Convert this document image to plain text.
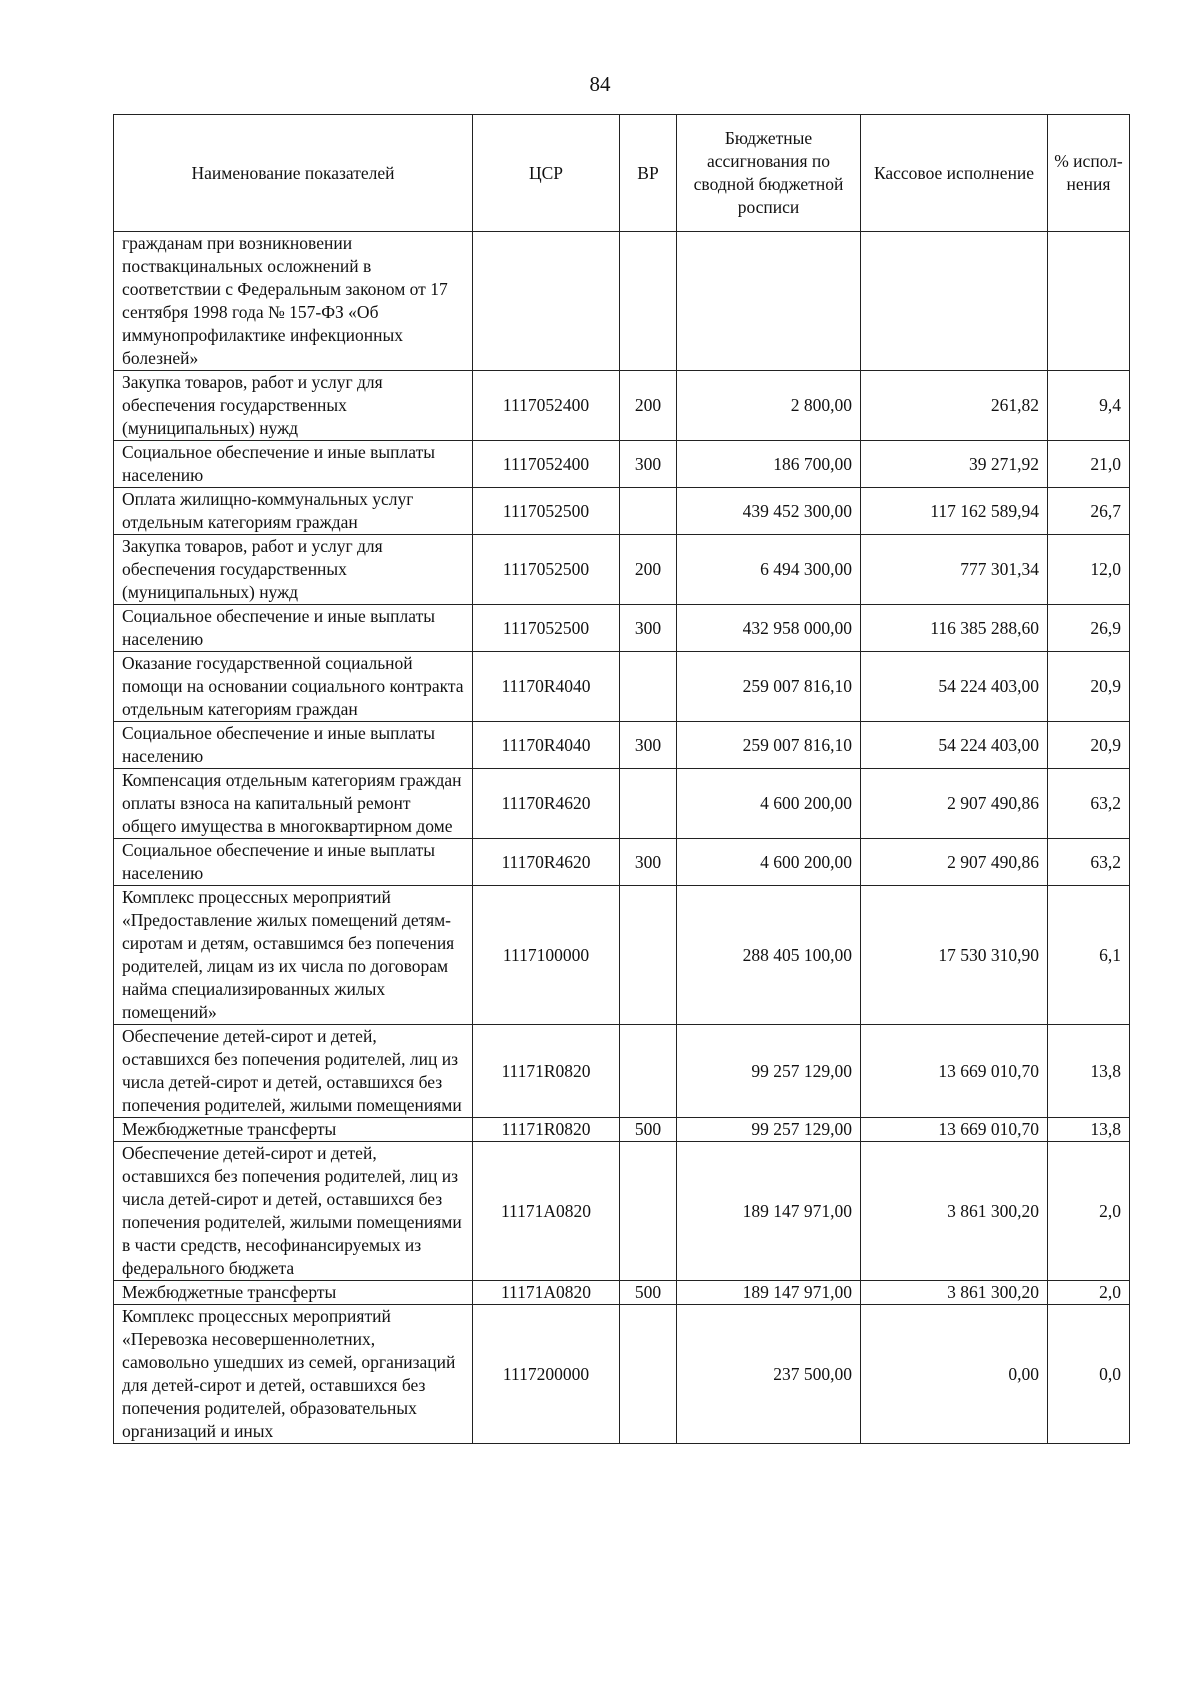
84
Наименование показателей	ЦСР	ВР	Бюджетные ассигнования по сводной бюджетной росписи	Кассовое исполнение	% испол-нения
гражданам при возникновении поствакцинальных осложнений в соответствии с Федеральным законом от 17 сентября 1998 года № 157-ФЗ «Об иммунопрофилактике инфекционных болезней»					
Закупка товаров, работ и услуг для обеспечения государственных (муниципальных) нужд	1117052400	200	2 800,00	261,82	9,4
Социальное обеспечение и иные выплаты населению	1117052400	300	186 700,00	39 271,92	21,0
Оплата жилищно-коммунальных услуг отдельным категориям граждан	1117052500		439 452 300,00	117 162 589,94	26,7
Закупка товаров, работ и услуг для обеспечения государственных (муниципальных) нужд	1117052500	200	6 494 300,00	777 301,34	12,0
Социальное обеспечение и иные выплаты населению	1117052500	300	432 958 000,00	116 385 288,60	26,9
Оказание государственной социальной помощи на основании социального контракта отдельным категориям граждан	11170R4040		259 007 816,10	54 224 403,00	20,9
Социальное обеспечение и иные выплаты населению	11170R4040	300	259 007 816,10	54 224 403,00	20,9
Компенсация отдельным категориям граждан оплаты взноса на капитальный ремонт общего имущества в многоквартирном доме	11170R4620		4 600 200,00	2 907 490,86	63,2
Социальное обеспечение и иные выплаты населению	11170R4620	300	4 600 200,00	2 907 490,86	63,2
Комплекс процессных мероприятий «Предоставление жилых помещений детям-сиротам и детям, оставшимся без попечения родителей, лицам из их числа по договорам найма специализированных жилых помещений»	1117100000		288 405 100,00	17 530 310,90	6,1
Обеспечение детей-сирот и детей, оставшихся без попечения родителей, лиц из числа детей-сирот и детей, оставшихся без попечения родителей, жилыми помещениями	11171R0820		99 257 129,00	13 669 010,70	13,8
Межбюджетные трансферты	11171R0820	500	99 257 129,00	13 669 010,70	13,8
Обеспечение детей-сирот и детей, оставшихся без попечения родителей, лиц из числа детей-сирот и детей, оставшихся без попечения родителей, жилыми помещениями в части средств, несофинансируемых из федерального бюджета	11171A0820		189 147 971,00	3 861 300,20	2,0
Межбюджетные трансферты	11171A0820	500	189 147 971,00	3 861 300,20	2,0
Комплекс процессных мероприятий «Перевозка несовершеннолетних, самовольно ушедших из семей, организаций для детей-сирот и детей, оставшихся без попечения родителей, образовательных организаций и иных	1117200000		237 500,00	0,00	0,0
